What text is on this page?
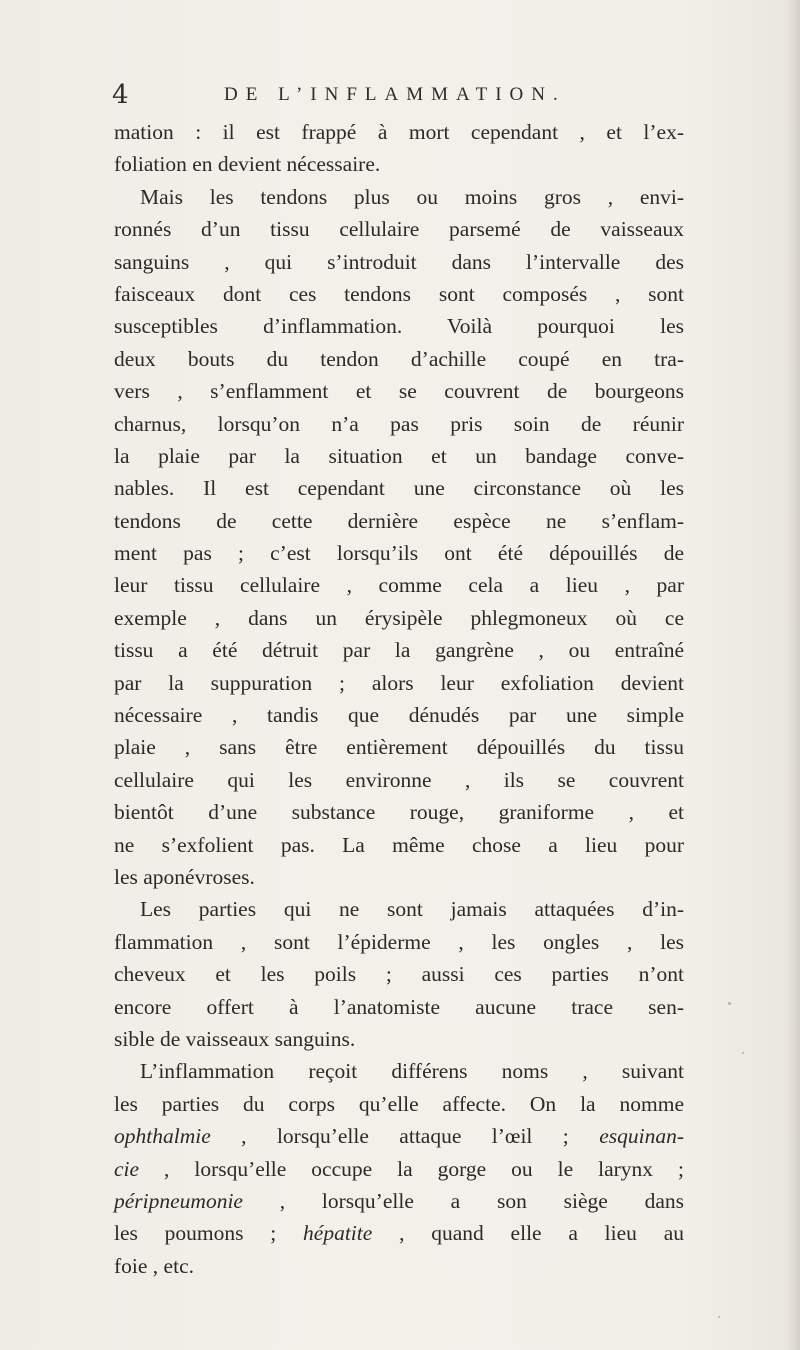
4	DE L’INFLAMMATION.
mation : il est frappé à mort cependant , et l’ex-
foliation en devient nécessaire.
Mais les tendons plus ou moins gros , envi-
ronnés d’un tissu cellulaire parsemé de vaisseaux
sanguins , qui s’introduit dans l’intervalle des
faisceaux dont ces tendons sont composés , sont
susceptibles d’inflammation. Voilà pourquoi les
deux bouts du tendon d’achille coupé en tra-
vers , s’enflamment et se couvrent de bourgeons
charnus, lorsqu’on n’a pas pris soin de réunir
la plaie par la situation et un bandage conve-
nables. Il est cependant une circonstance où les
tendons de cette dernière espèce ne s’enflam-
ment pas ; c’est lorsqu’ils ont été dépouillés de
leur tissu cellulaire , comme cela a lieu , par
exemple , dans un érysipèle phlegmoneux où ce
tissu a été détruit par la gangrène , ou entraîné
par la suppuration ; alors leur exfoliation devient
nécessaire , tandis que dénudés par une simple
plaie , sans être entièrement dépouillés du tissu
cellulaire qui les environne , ils se couvrent
bientôt d’une substance rouge, graniforme , et
ne s’exfolient pas. La même chose a lieu pour
les aponévroses.
Les parties qui ne sont jamais attaquées d’in-
flammation , sont l’épiderme , les ongles , les
cheveux et les poils ; aussi ces parties n’ont
encore offert à l’anatomiste aucune trace sen-
sible de vaisseaux sanguins.
L’inflammation reçoit différens noms , suivant
les parties du corps qu’elle affecte. On la nomme
ophthalmie , lorsqu’elle attaque l’œil ; esquinan-
cie , lorsqu’elle occupe la gorge ou le larynx ;
péripneumonie , lorsqu’elle a son siège dans
les poumons ; hépatite , quand elle a lieu au
foie , etc.
